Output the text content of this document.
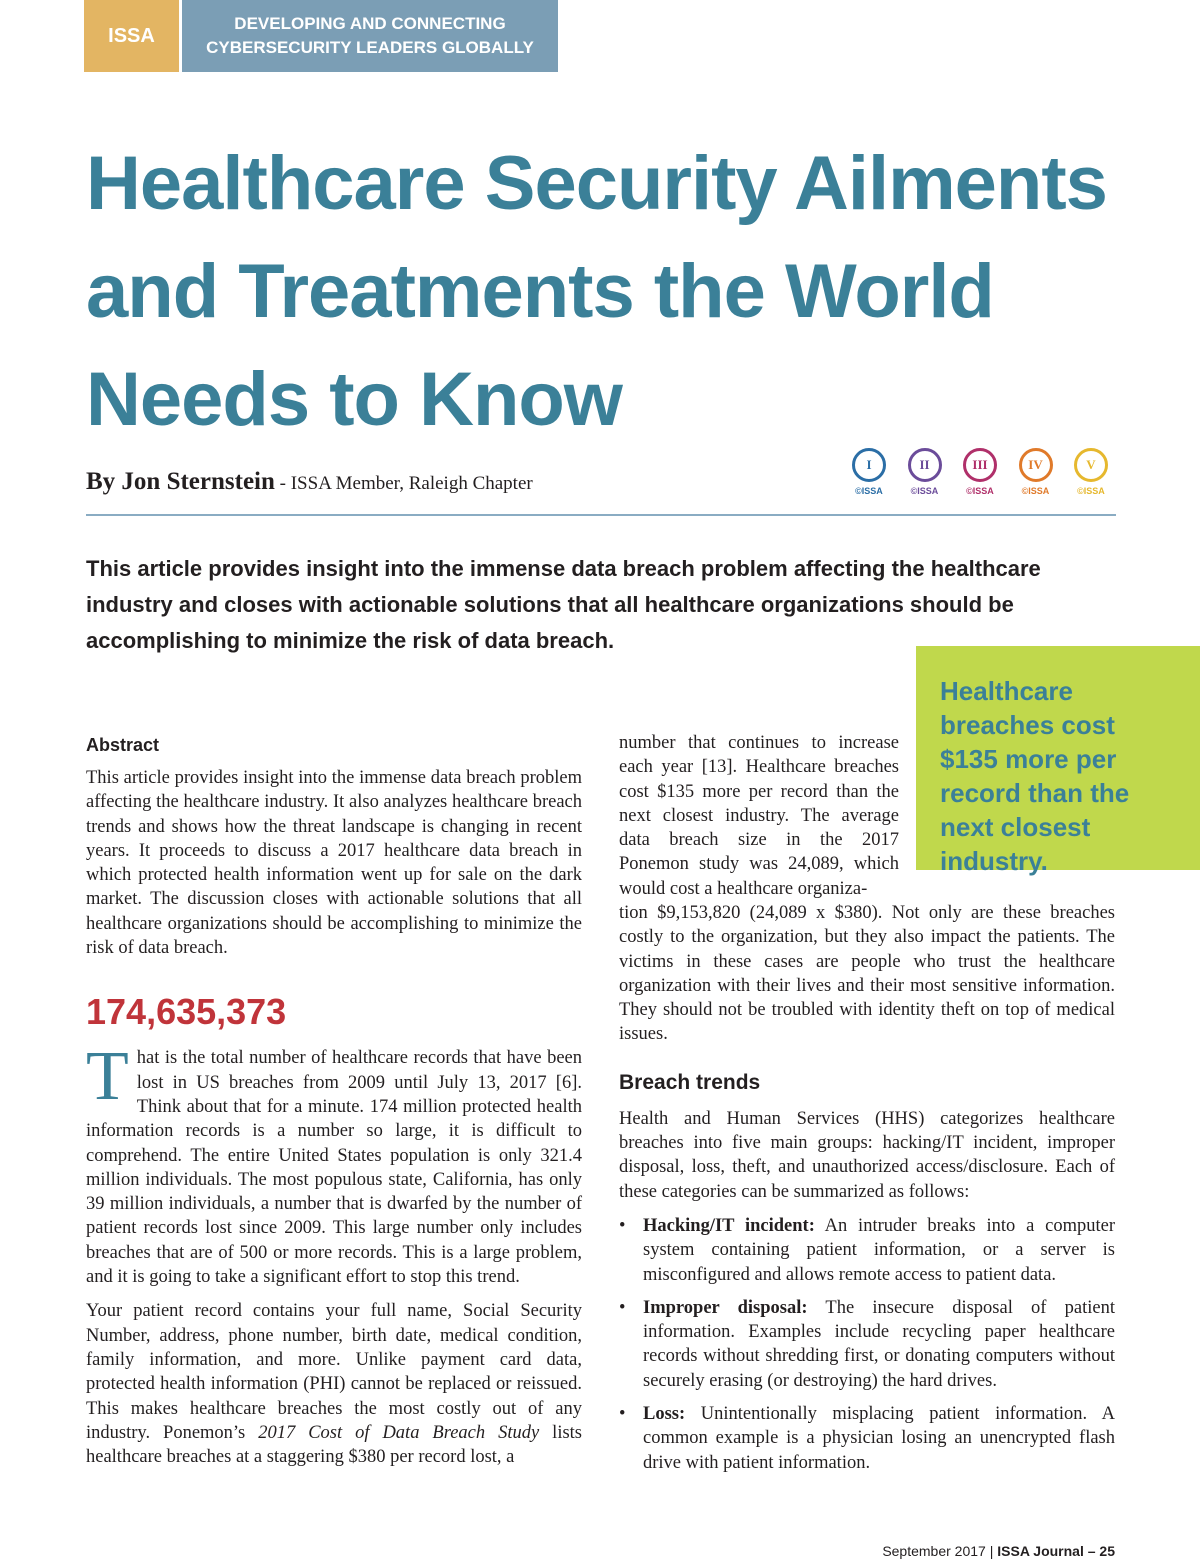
ISSA
DEVELOPING AND CONNECTING
CYBERSECURITY LEADERS GLOBALLY
Healthcare Security Ailments and Treatments the World Needs to Know
By Jon Sternstein - ISSA Member, Raleigh Chapter
I
©ISSA
II
©ISSA
III
©ISSA
IV
©ISSA
V
©ISSA

This article provides insight into the immense data breach problem affecting the healthcare industry and closes with actionable solutions that all healthcare organizations should be accomplishing to minimize the risk of data breach.

Healthcare breaches cost $135 more per record than the next closest industry.
Abstract

This article provides insight into the immense data breach problem affecting the healthcare industry. It also analyzes healthcare breach trends and shows how the threat landscape is changing in recent years. It proceeds to discuss a 2017 healthcare data breach in which protected health information went up for sale on the dark market. The discussion closes with actionable solutions that all healthcare organizations should be accomplishing to minimize the risk of data breach.

174,635,373

That is the total number of healthcare records that have been lost in US breaches from 2009 until July 13, 2017 [6]. Think about that for a minute. 174 million protected health information records is a number so large, it is difficult to comprehend. The entire United States population is only 321.4 million individuals. The most populous state, California, has only 39 million individuals, a number that is dwarfed by the number of patient records lost since 2009. This large number only includes breaches that are of 500 or more records. This is a large problem, and it is going to take a significant effort to stop this trend.

Your patient record contains your full name, Social Security Number, address, phone number, birth date, medical condition, family information, and more. Unlike payment card data, protected health information (PHI) cannot be replaced or reissued. This makes healthcare breaches the most costly out of any industry. Ponemon’s 2017 Cost of Data Breach Study lists healthcare breaches at a staggering $380 per record lost, a

number that continues to increase each year [13]. Healthcare breaches cost $135 more per record than the next closest industry. The average data breach size in the 2017 Ponemon study was 24,089, which would cost a healthcare organiza-

tion $9,153,820 (24,089 x $380). Not only are these breaches costly to the organization, but they also impact the patients. The victims in these cases are people who trust the healthcare organization with their lives and their most sensitive information. They should not be troubled with identity theft on top of medical issues.

Breach trends

Health and Human Services (HHS) categorizes healthcare breaches into five main groups: hacking/IT incident, improper disposal, loss, theft, and unauthorized access/disclosure. Each of these categories can be summarized as follows:

• Hacking/IT incident: An intruder breaks into a computer system containing patient information, or a server is misconfigured and allows remote access to patient data.
• Improper disposal: The insecure disposal of patient information. Examples include recycling paper healthcare records without shredding first, or donating computers without securely erasing (or destroying) the hard drives.
• Loss: Unintentionally misplacing patient information. A common example is a physician losing an unencrypted flash drive with patient information.
September 2017 | ISSA Journal – 25
